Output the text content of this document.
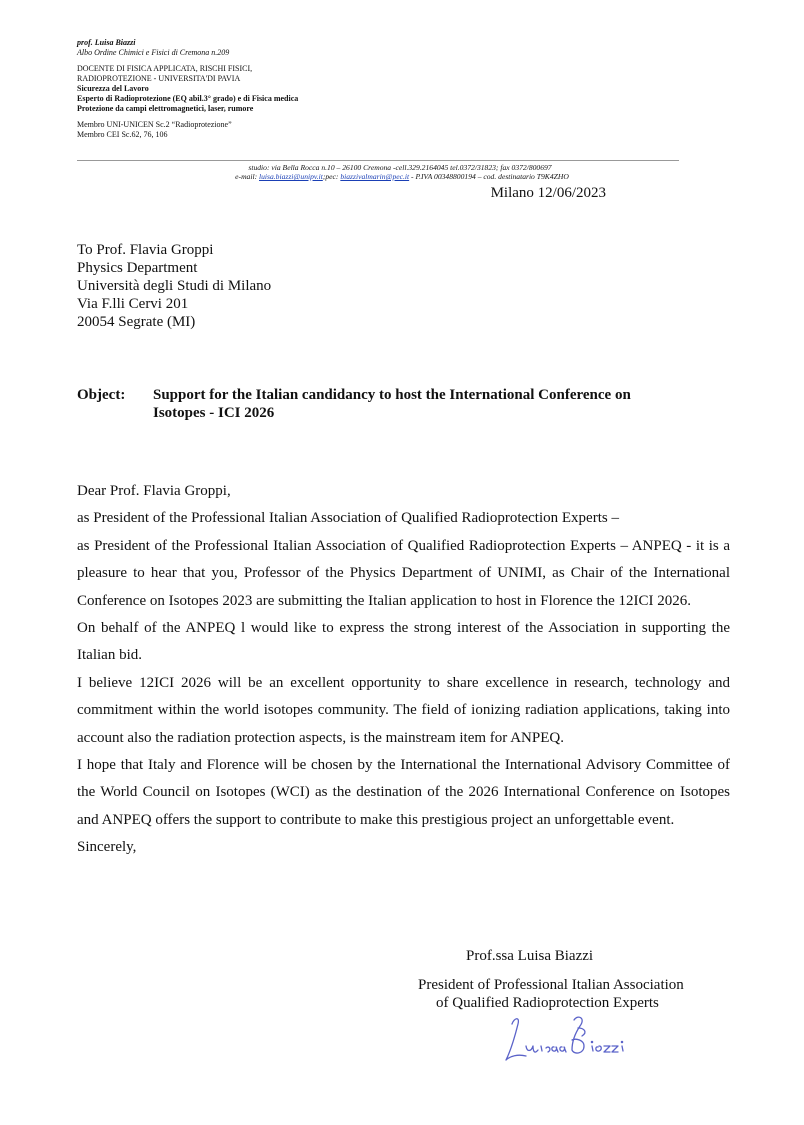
prof. Luisa Biazzi
Albo Ordine Chimici e Fisici di Cremona n.209
DOCENTE DI FISICA APPLICATA, RISCHI FISICI,
RADIOPROTEZIONE - UNIVERSITA'DI PAVIA
Sicurezza del Lavoro
Esperto di Radioprotezione (EQ abil.3° grado) e di Fisica medica
Protezione da campi elettromagnetici, laser, rumore
Membro UNI-UNICEN Sc.2 “Radioprotezione”
Membro CEI Sc.62, 76, 106
studio: via Bella Rocca n.10 – 26100 Cremona -cell.329.2164045 tel.0372/31823; fax 0372/800697
e-mail: luisa.biazzi@unipv.it;pec: biazzivalmarin@pec.it - P.IVA 00348800194 – cod. destinatario T9K4ZHO
Milano 12/06/2023
To Prof. Flavia Groppi
Physics Department
Università degli Studi di Milano
Via F.lli Cervi 201
20054 Segrate (MI)
Object: Support for the Italian candidancy to host the International Conference on
Isotopes - ICI 2026

Dear Prof. Flavia Groppi,

as President of the Professional Italian Association of Qualified Radioprotection Experts –

as President of the Professional Italian Association of Qualified Radioprotection Experts – ANPEQ - it is a pleasure to hear that you, Professor of the Physics Department of UNIMI, as Chair of the International Conference on Isotopes 2023 are submitting the Italian application to host in Florence the 12ICI 2026.

On behalf of the ANPEQ l would like to express the strong interest of the Association in supporting the Italian bid.

I believe 12ICI 2026 will be an excellent opportunity to share excellence in research, technology and commitment within the world isotopes community. The field of ionizing radiation applications, taking into account also the radiation protection aspects, is the mainstream item for ANPEQ.

I hope that Italy and Florence will be chosen by the International the International Advisory Committee of the World Council on Isotopes (WCI) as the destination of the 2026 International Conference on Isotopes and ANPEQ offers the support to contribute to make this prestigious project an unforgettable event.

Sincerely,

Prof.ssa Luisa Biazzi
President of Professional Italian Association
of Qualified Radioprotection Experts
